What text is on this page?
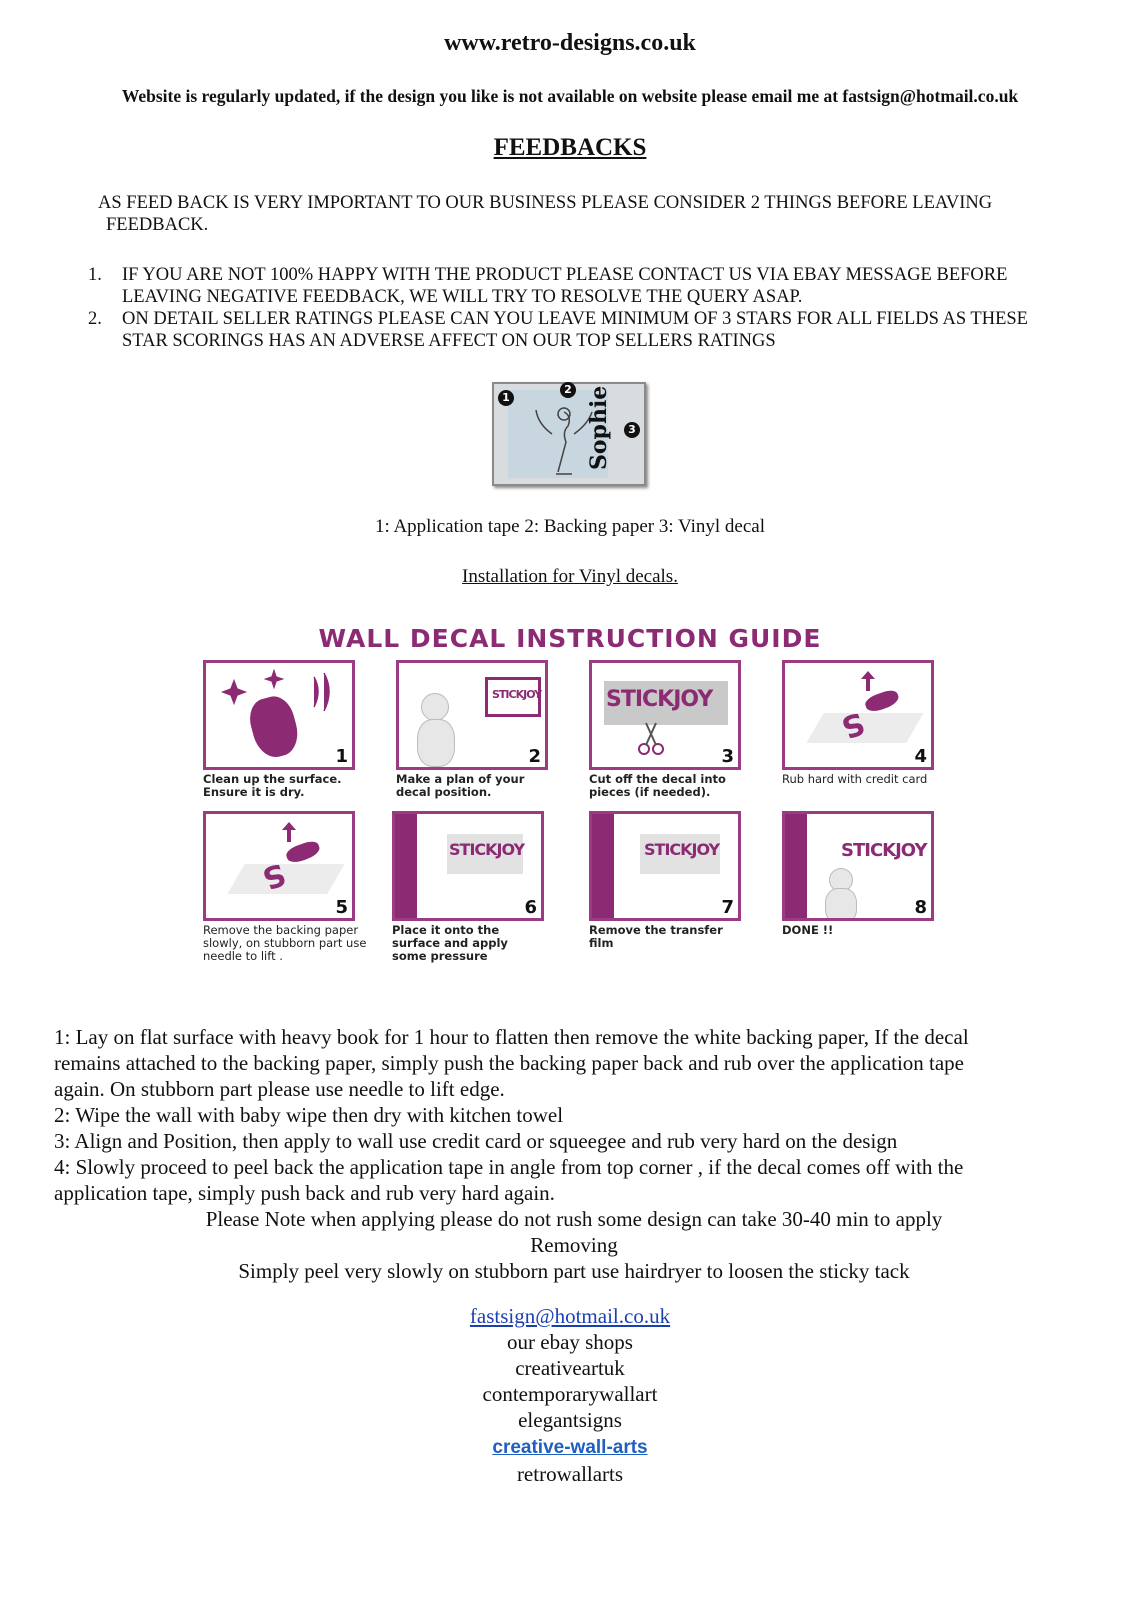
www.retro-designs.co.uk
Website is regularly updated, if the design you like is not available on website please email me at fastsign@hotmail.co.uk
FEEDBACKS
AS FEED BACK IS VERY IMPORTANT TO OUR BUSINESS PLEASE CONSIDER 2 THINGS BEFORE LEAVING
FEEDBACK.
1. IF YOU ARE NOT 100% HAPPY WITH THE PRODUCT PLEASE CONTACT US VIA EBAY MESSAGE BEFORE
LEAVING NEGATIVE FEEDBACK, WE WILL TRY TO RESOLVE THE QUERY ASAP.
2. ON DETAIL SELLER RATINGS PLEASE CAN YOU LEAVE MINIMUM OF 3 STARS FOR ALL FIELDS AS THESE
STAR SCORINGS HAS AN ADVERSE AFFECT ON OUR TOP SELLERS RATINGS
1
2
3
Sophie
1: Application tape 2: Backing paper 3: Vinyl decal
Installation for Vinyl decals.
WALL DECAL INSTRUCTION GUIDE
1
Clean up the surface. Ensure it is dry.
STICKJOY
2
Make a plan of your decal position.
STICKJOY
3
Cut off the decal into pieces (if needed).
S
4
Rub hard with credit card
S
5
Remove the backing paper slowly, on stubborn part use needle to lift .
STICKJOY
6
Place it onto the surface and apply some pressure
STICKJOY
7
Remove the transfer film
STICKJOY
8
DONE !!

1: Lay on flat surface with heavy book for 1 hour to flatten then remove the white backing paper, If the decal

remains attached to the backing paper, simply push the backing paper back and rub over the application tape

again. On stubborn part please use needle to lift edge.

2: Wipe the wall with baby wipe then dry with kitchen towel

3: Align and Position, then apply to wall use credit card or squeegee and rub very hard on the design

4: Slowly proceed to peel back the application tape in angle from top corner , if the decal comes off with the

application tape, simply push back and rub very hard again.

Please Note when applying please do not rush some design can take 30-40 min to apply

Removing

Simply peel very slowly on stubborn part use hairdryer to loosen the sticky tack

fastsign@hotmail.co.uk
our ebay shops
creativeartuk
contemporarywallart
elegantsigns
creative-wall-arts
retrowallarts
